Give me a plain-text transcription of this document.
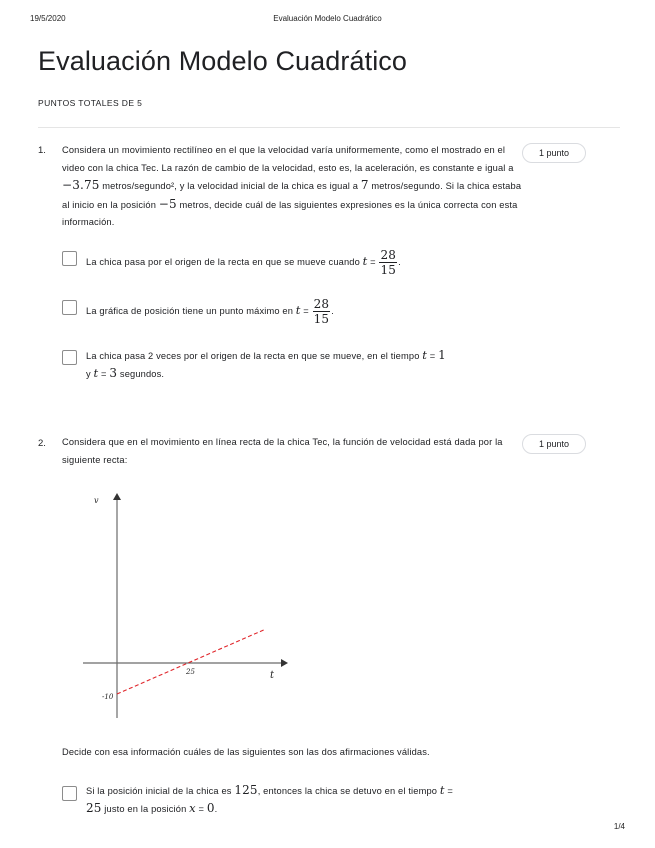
19/5/2020	Evaluación Modelo Cuadrático
Evaluación Modelo Cuadrático
PUNTOS TOTALES DE 5
1.	1 punto
Considera un movimiento rectilíneo en el que la velocidad varía uniformemente, como el mostrado en el video con la chica Tec. La razón de cambio de la velocidad, esto es, la aceleración, es constante e igual a −3.75 metros/segundo², y la velocidad inicial de la chica es igual a 7 metros/segundo. Si la chica estaba al inicio en la posición −5 metros, decide cuál de las siguientes expresiones es la única correcta con esta información.
La chica pasa por el origen de la recta en que se mueve cuando $t = \frac{28}{15}$ .
La gráfica de posición tiene un punto máximo en $t = \frac{28}{15}$ .
La chica pasa 2 veces por el origen de la recta en que se mueve, en el tiempo t = 1
y t = 3 segundos.
2.	1 punto
Considera que en el movimiento en línea recta de la chica Tec, la función de velocidad está dada por la siguiente recta:
v
t
25
-10
Decide con esa información cuáles de las siguientes son las dos afirmaciones válidas.
Si la posición inicial de la chica es 125, entonces la chica se detuvo en el tiempo t =
25 justo en la posición x = 0.
1/4
